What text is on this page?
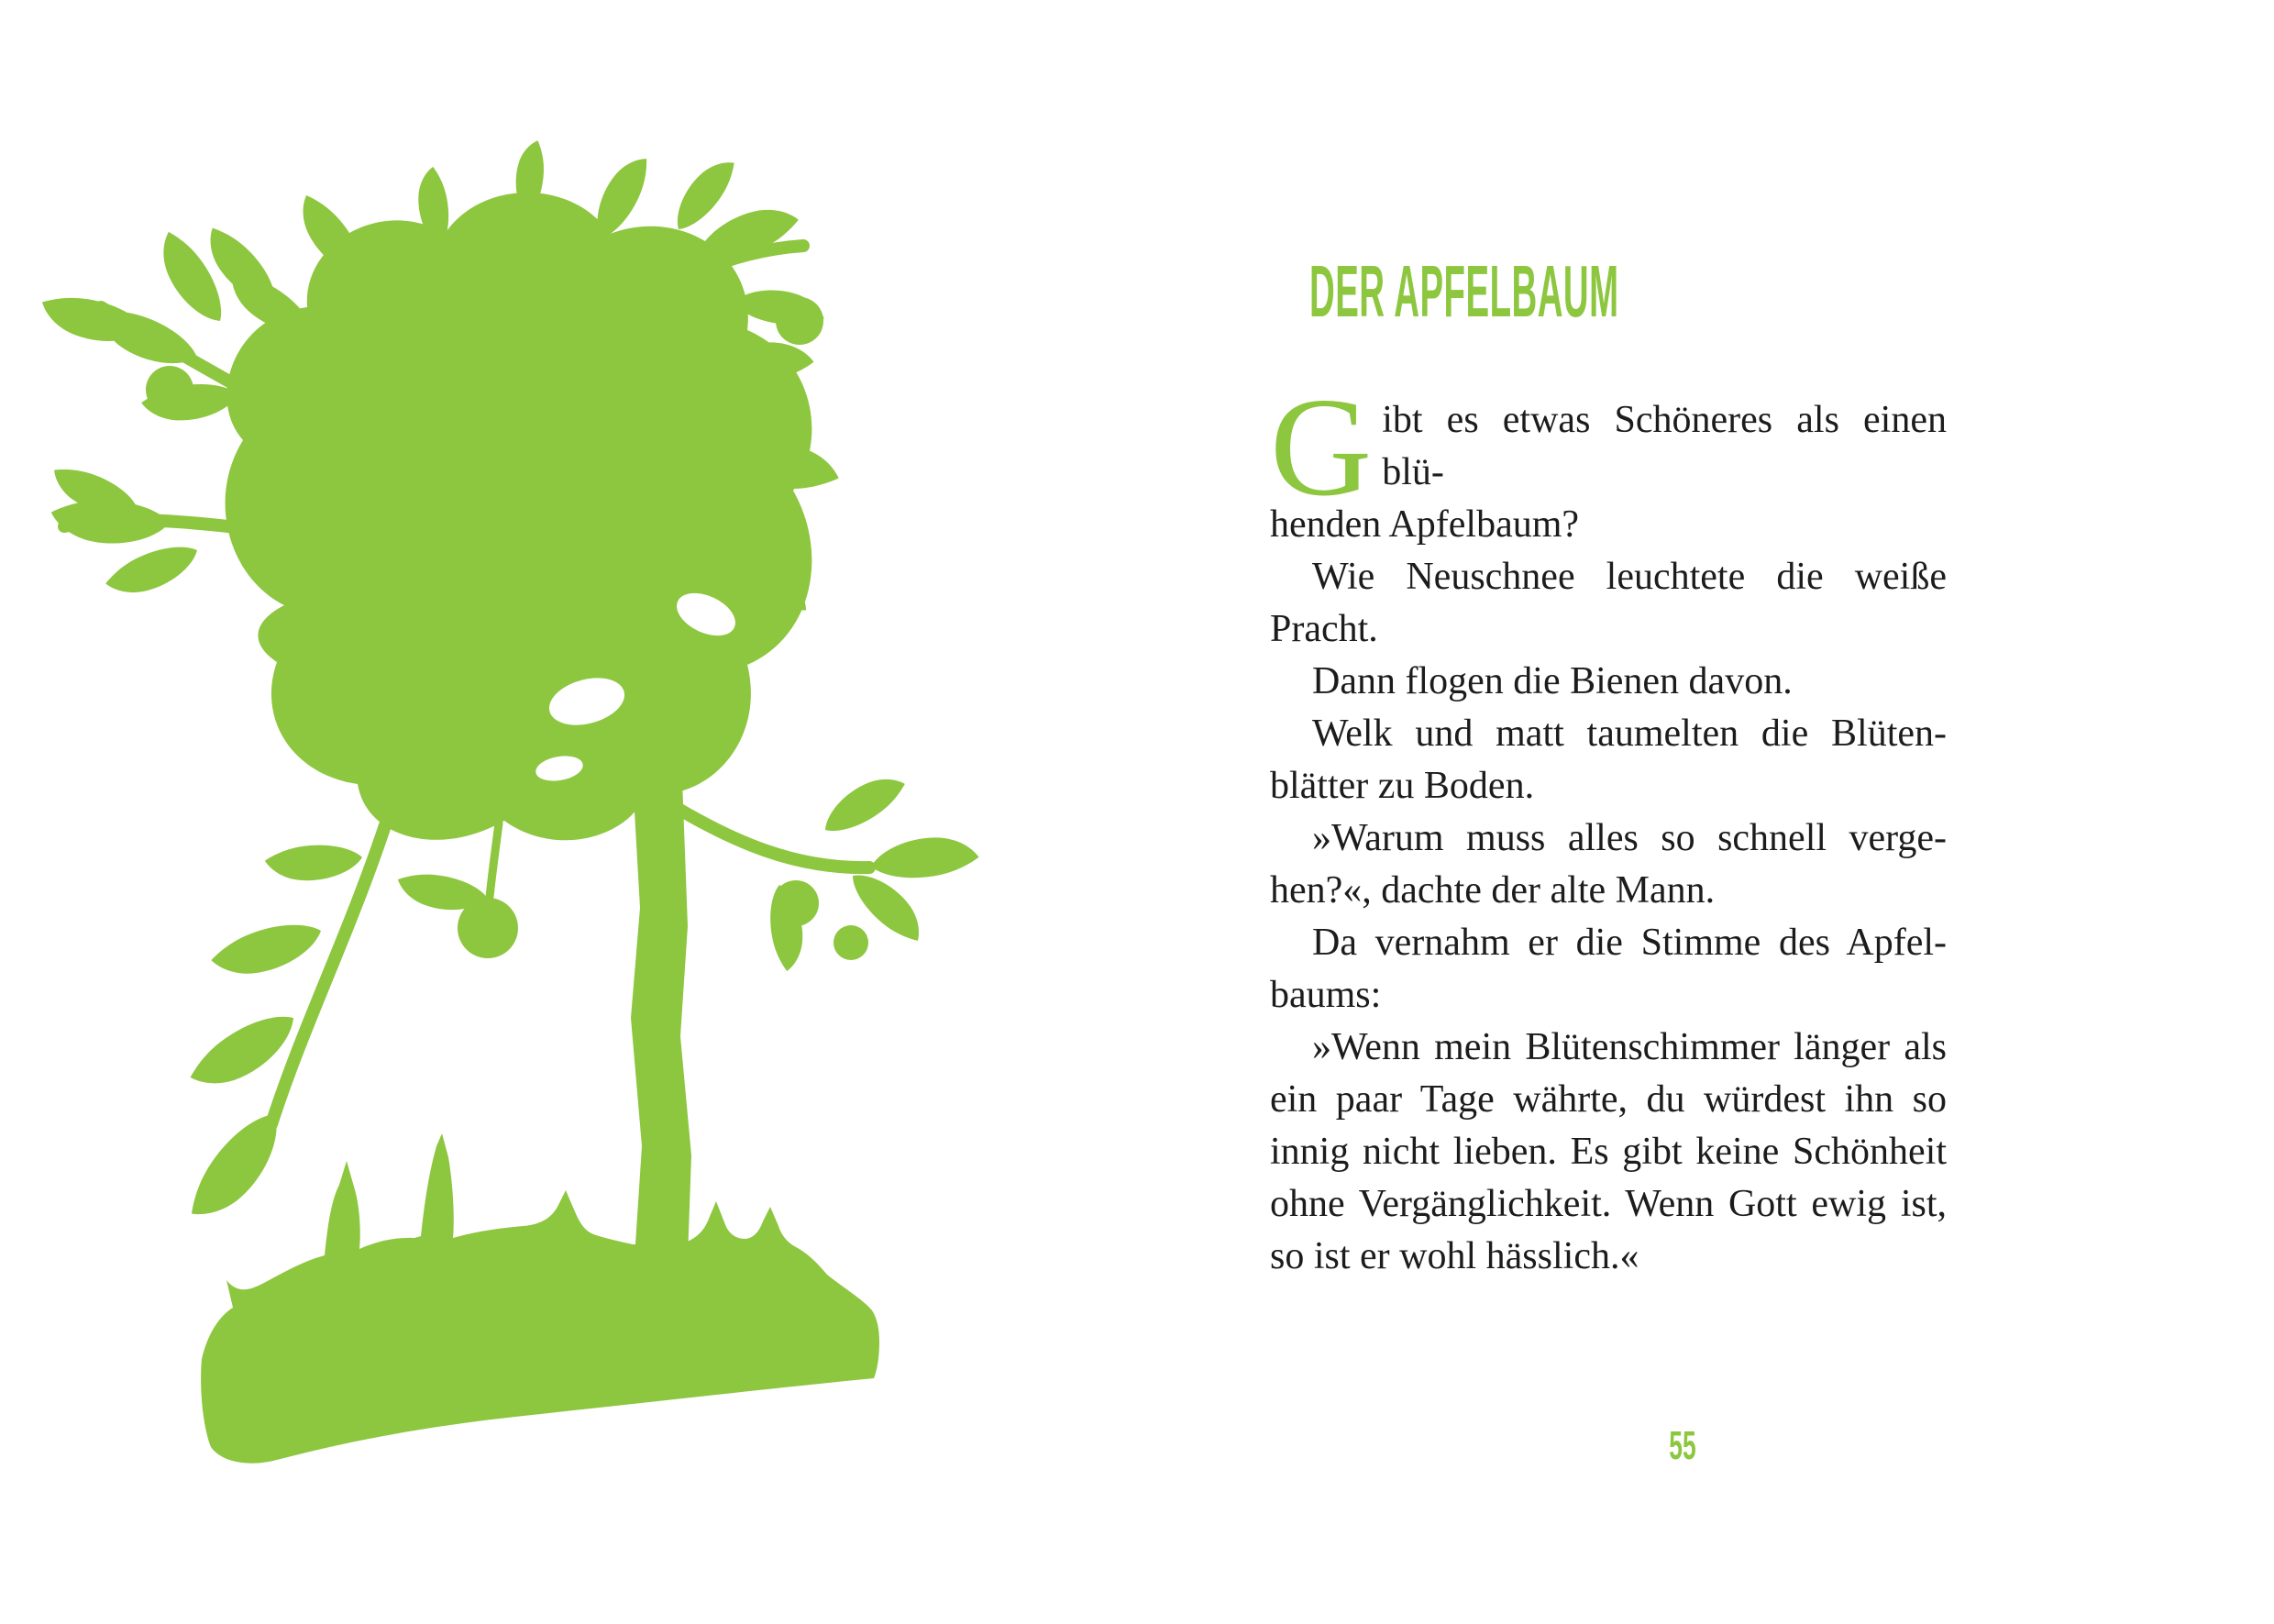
DER APFELBAUM
G ibt es etwas Schöneres als einen blü-
henden Apfelbaum?
Wie Neuschnee leuchtete die weiße
Pracht.
Dann flogen die Bienen davon.
Welk und matt taumelten die Blüten-
blätter zu Boden.
»Warum muss alles so schnell verge-
hen?«, dachte der alte Mann.
Da vernahm er die Stimme des Apfel-
baums:
»Wenn mein Blütenschimmer länger als
ein paar Tage währte, du würdest ihn so
innig nicht lieben. Es gibt keine Schönheit
ohne Vergänglichkeit. Wenn Gott ewig ist,
so ist er wohl hässlich.«
55
